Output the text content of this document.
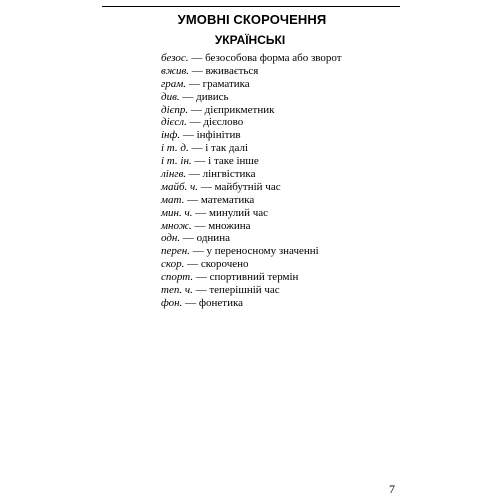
УМОВНІ СКОРОЧЕННЯ
УКРАЇНСЬКІ
безос. — безособова форма або зворот
вжив. — вживається
грам. — граматика
див. — дивись
дієпр. — дієприкметник
дієсл. — дієслово
інф. — інфінітив
і т. д. — і так далі
і т. ін. — і таке інше
лінгв. — лінгвістика
майб. ч. — майбутній час
мат. — математика
мин. ч. — минулий час
множ. — множина
одн. — однина
перен. — у переносному значенні
скор. — скорочено
спорт. — спортивний термін
теп. ч. — теперішній час
фон. — фонетика
7
